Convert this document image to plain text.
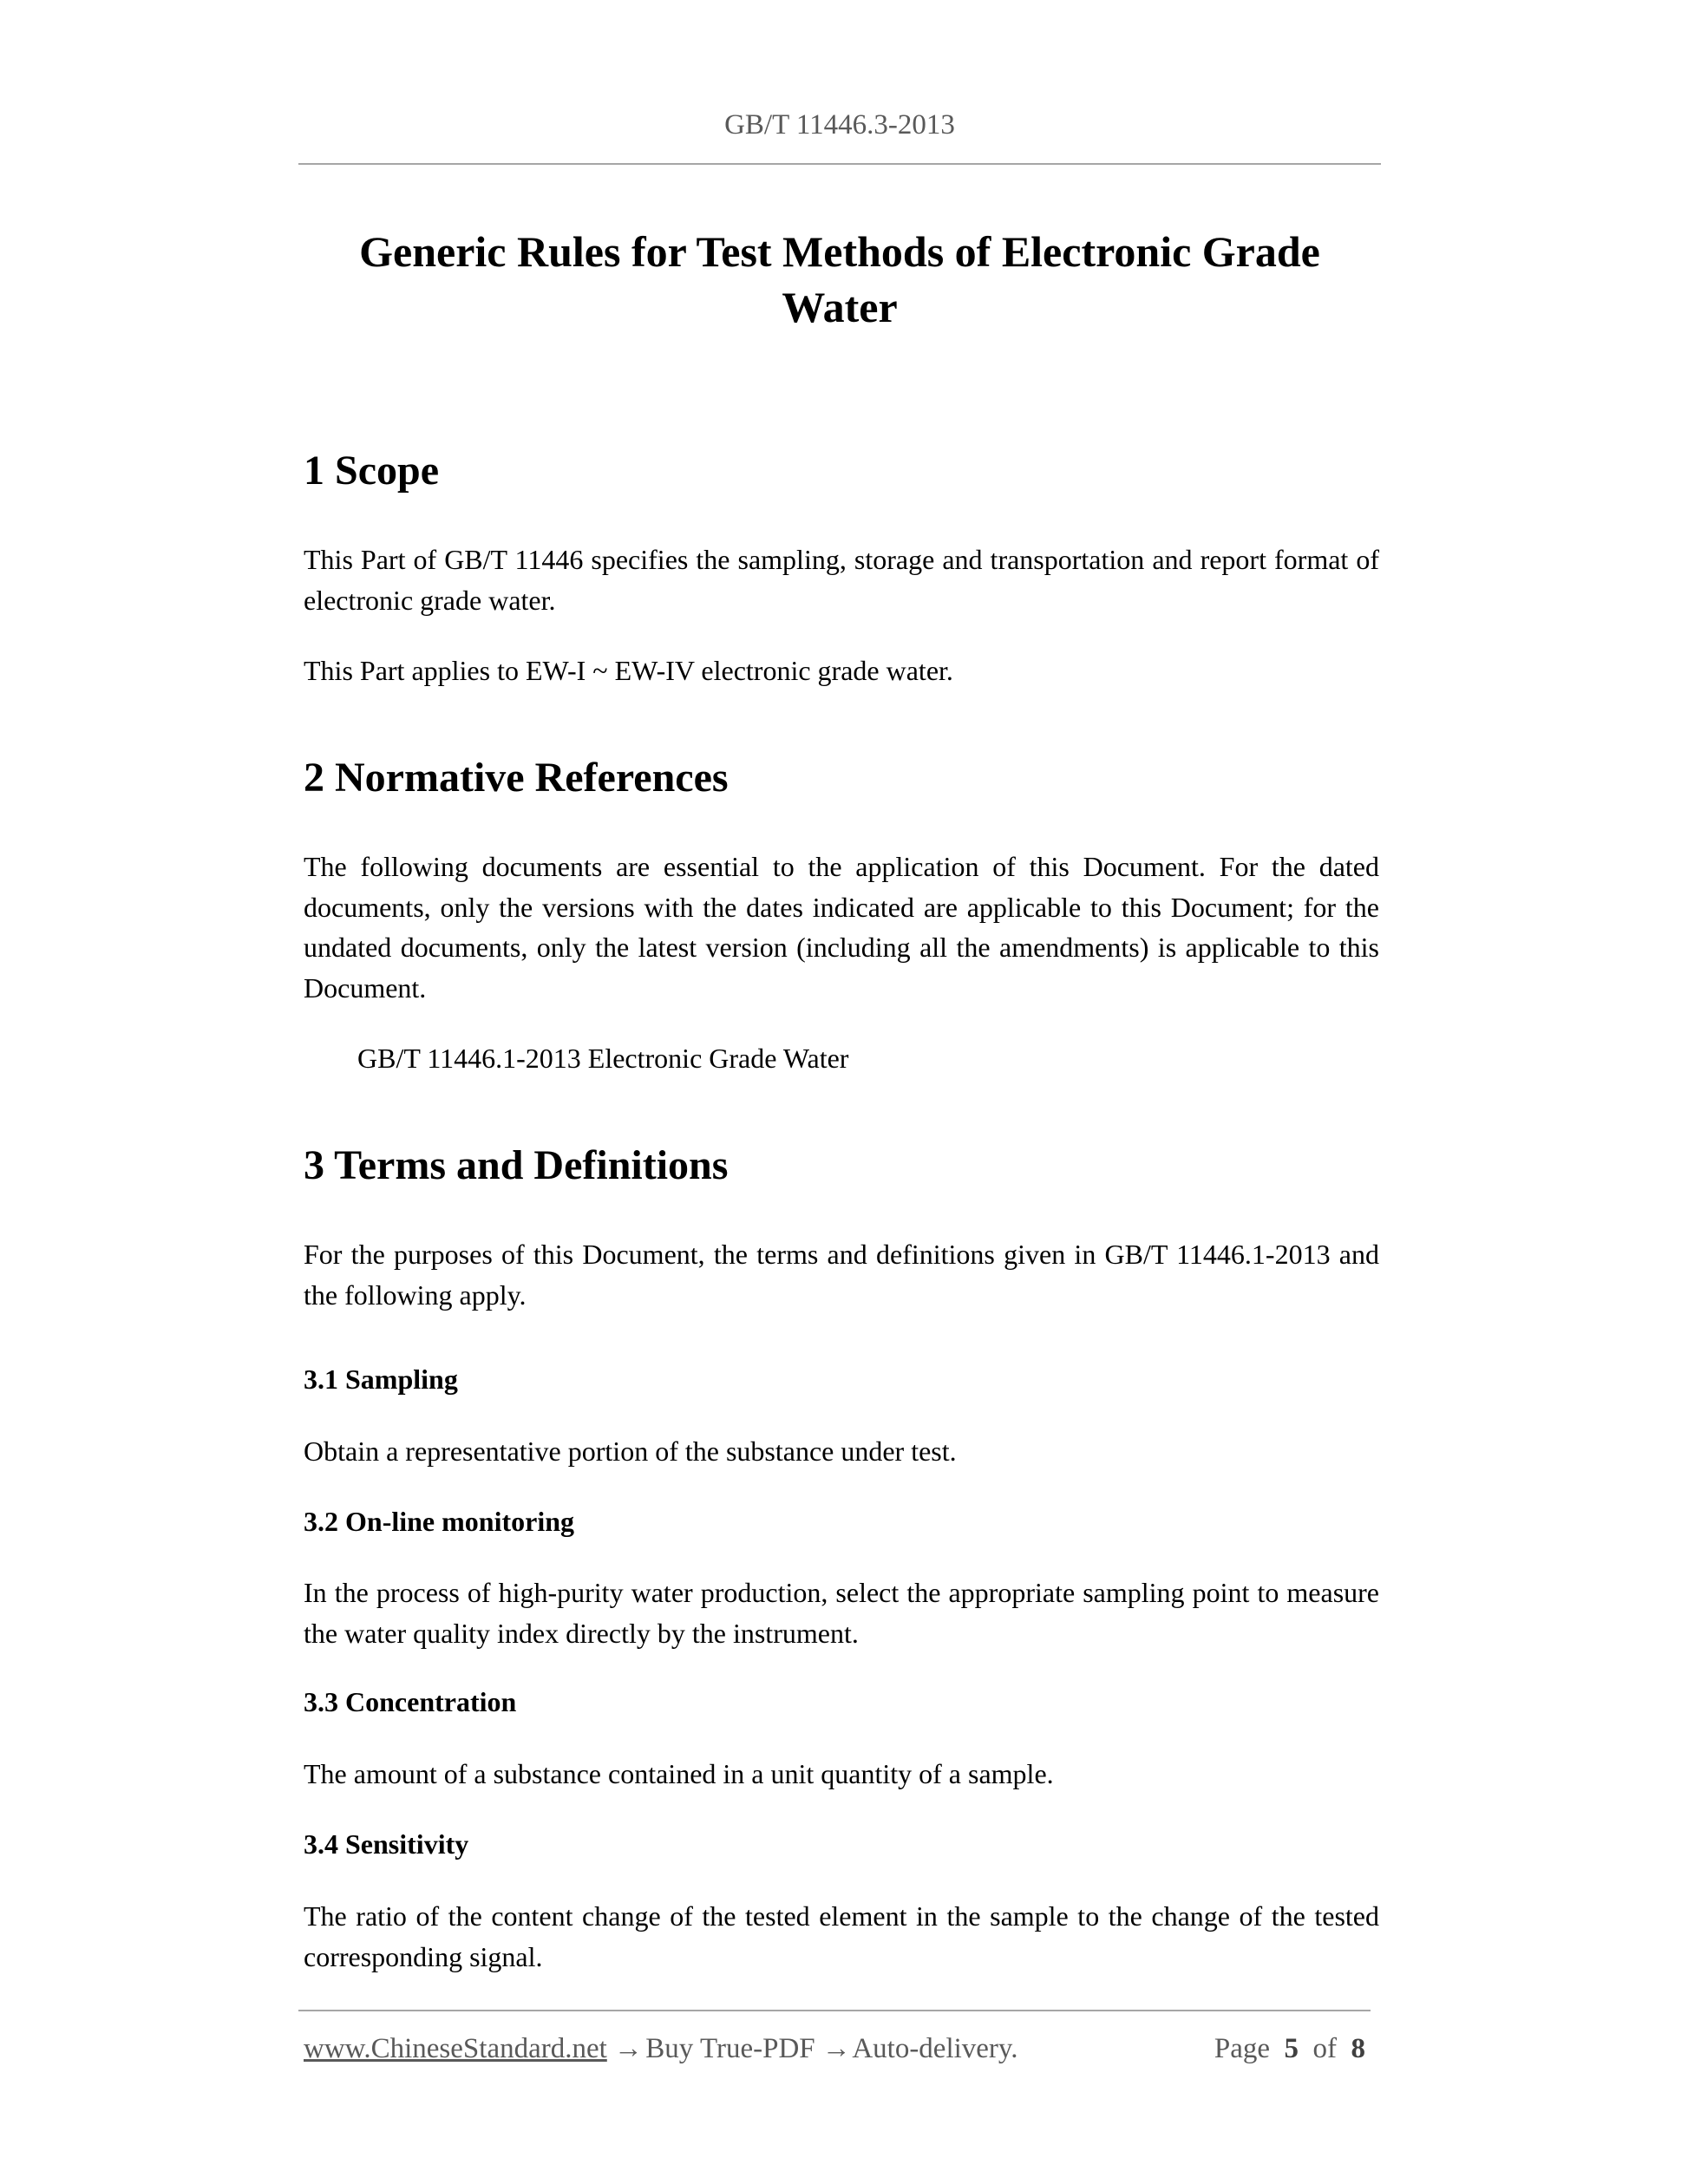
GB/T 11446.3-2013
Generic Rules for Test Methods of Electronic Grade Water
1 Scope
This Part of GB/T 11446 specifies the sampling, storage and transportation and report format of electronic grade water.
This Part applies to EW-I ~ EW-IV electronic grade water.
2 Normative References
The following documents are essential to the application of this Document. For the dated documents, only the versions with the dates indicated are applicable to this Document; for the undated documents, only the latest version (including all the amendments) is applicable to this Document.
GB/T 11446.1-2013 Electronic Grade Water
3 Terms and Definitions
For the purposes of this Document, the terms and definitions given in GB/T 11446.1-2013 and the following apply.
3.1 Sampling
Obtain a representative portion of the substance under test.
3.2 On-line monitoring
In the process of high-purity water production, select the appropriate sampling point to measure the water quality index directly by the instrument.
3.3 Concentration
The amount of a substance contained in a unit quantity of a sample.
3.4 Sensitivity
The ratio of the content change of the tested element in the sample to the change of the tested corresponding signal.
www.ChineseStandard.net → Buy True-PDF → Auto-delivery.	Page 5 of 8
